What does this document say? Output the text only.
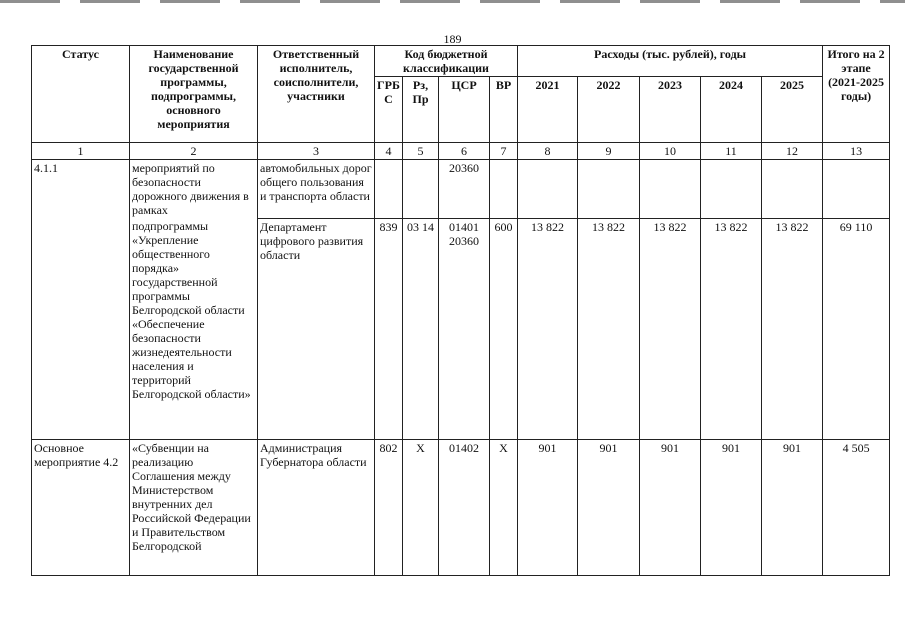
189
Статус	Наименование государственной программы, подпрограммы, основного мероприятия	Ответственный исполнитель, соисполнители, участники	Код бюджетной классификации				Расходы (тыс. рублей), годы					Итого на 2 этапе (2021-2025 годы)
			ГРБ С	Рз, Пр	ЦСР	ВР	2021	2022	2023	2024	2025	
1	2	3	4	5	6	7	8	9	10	11	12	13
4.1.1	мероприятий по безопасности дорожного движения в рамках	автомобильных дорог общего пользования и транспорта области			20360							
	подпрограммы «Укрепление общественного порядка» государственной программы Белгородской области «Обеспечение безопасности жизнедеятельности населения и территорий Белгородской области»	Департамент цифрового развития области	839	03 14	01401 20360	600	13 822	13 822	13 822	13 822	13 822	69 110
Основное мероприятие 4.2	«Субвенции на реализацию Соглашения между Министерством внутренних дел Российской Федерации и Правительством Белгородской	Администрация Губернатора области	802	Х	01402	Х	901	901	901	901	901	4 505
